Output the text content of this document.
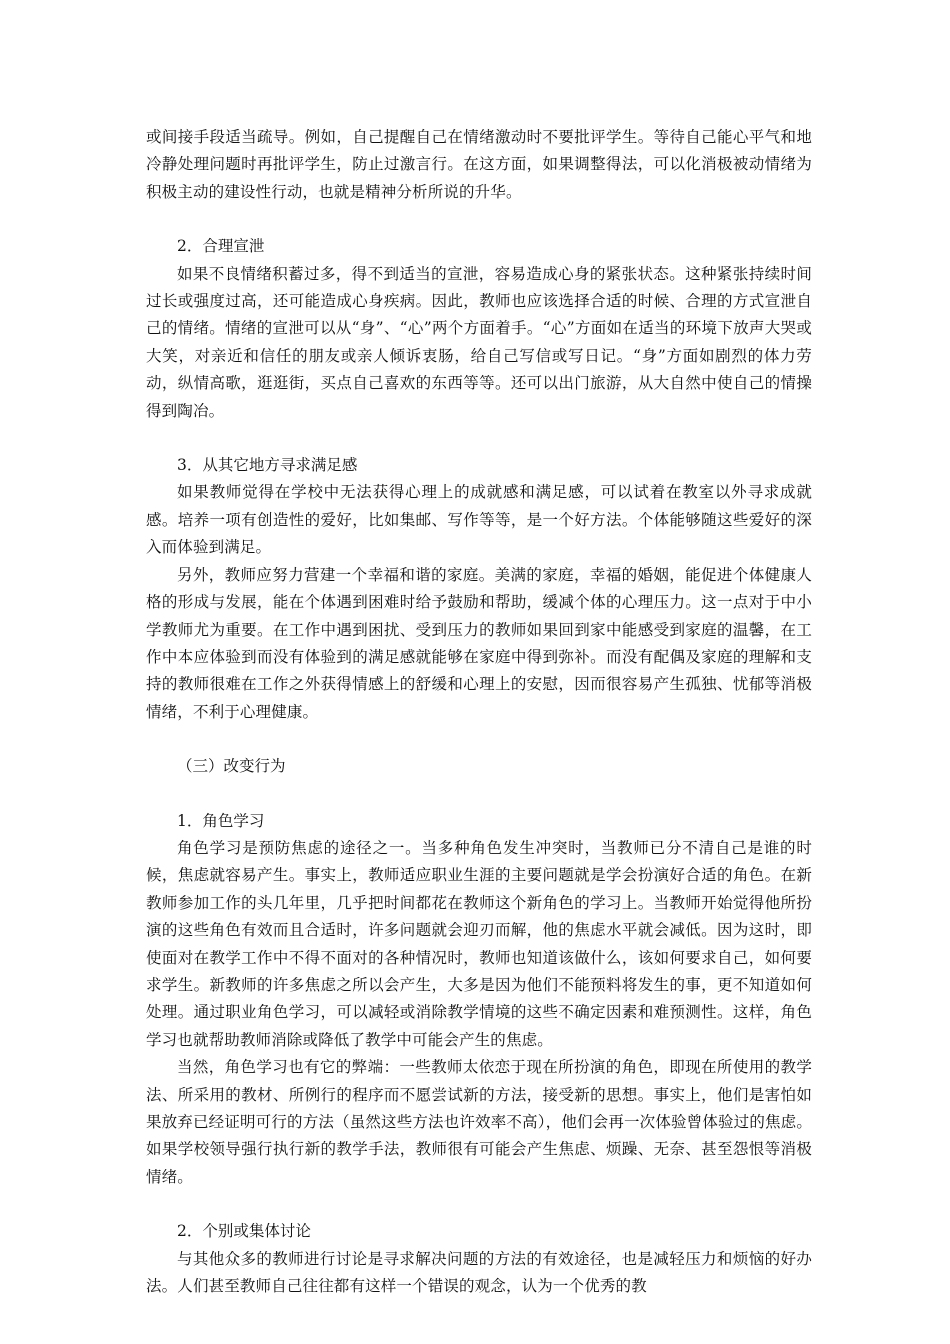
或间接手段适当疏导。例如，自己提醒自己在情绪激动时不要批评学生。等待自己能心平气和地冷静处理问题时再批评学生，防止过激言行。在这方面，如果调整得法，可以化消极被动情绪为积极主动的建设性行动，也就是精神分析所说的升华。

2．合理宣泄

如果不良情绪积蓄过多，得不到适当的宣泄，容易造成心身的紧张状态。这种紧张持续时间过长或强度过高，还可能造成心身疾病。因此，教师也应该选择合适的时候、合理的方式宣泄自己的情绪。情绪的宣泄可以从“身”、“心”两个方面着手。“心”方面如在适当的环境下放声大哭或大笑，对亲近和信任的朋友或亲人倾诉衷肠，给自己写信或写日记。“身”方面如剧烈的体力劳动，纵情高歌，逛逛街，买点自己喜欢的东西等等。还可以出门旅游，从大自然中使自己的情操得到陶冶。

3．从其它地方寻求满足感

如果教师觉得在学校中无法获得心理上的成就感和满足感，可以试着在教室以外寻求成就感。培养一项有创造性的爱好，比如集邮、写作等等，是一个好方法。个体能够随这些爱好的深入而体验到满足。

另外，教师应努力营建一个幸福和谐的家庭。美满的家庭，幸福的婚姻，能促进个体健康人格的形成与发展，能在个体遇到困难时给予鼓励和帮助，缓减个体的心理压力。这一点对于中小学教师尤为重要。在工作中遇到困扰、受到压力的教师如果回到家中能感受到家庭的温馨，在工作中本应体验到而没有体验到的满足感就能够在家庭中得到弥补。而没有配偶及家庭的理解和支持的教师很难在工作之外获得情感上的舒缓和心理上的安慰，因而很容易产生孤独、忧郁等消极情绪，不利于心理健康。

（三）改变行为

1．角色学习

角色学习是预防焦虑的途径之一。当多种角色发生冲突时，当教师已分不清自己是谁的时候，焦虑就容易产生。事实上，教师适应职业生涯的主要问题就是学会扮演好合适的角色。在新教师参加工作的头几年里，几乎把时间都花在教师这个新角色的学习上。当教师开始觉得他所扮演的这些角色有效而且合适时，许多问题就会迎刃而解，他的焦虑水平就会减低。因为这时，即使面对在教学工作中不得不面对的各种情况时，教师也知道该做什么，该如何要求自己，如何要求学生。新教师的许多焦虑之所以会产生，大多是因为他们不能预料将发生的事，更不知道如何处理。通过职业角色学习，可以减轻或消除教学情境的这些不确定因素和难预测性。这样，角色学习也就帮助教师消除或降低了教学中可能会产生的焦虑。

当然，角色学习也有它的弊端：一些教师太依恋于现在所扮演的角色，即现在所使用的教学法、所采用的教材、所例行的程序而不愿尝试新的方法，接受新的思想。事实上，他们是害怕如果放弃已经证明可行的方法（虽然这些方法也许效率不高），他们会再一次体验曾体验过的焦虑。如果学校领导强行执行新的教学手法，教师很有可能会产生焦虑、烦躁、无奈、甚至怨恨等消极情绪。

2．个别或集体讨论

与其他众多的教师进行讨论是寻求解决问题的方法的有效途径，也是减轻压力和烦恼的好办法。人们甚至教师自己往往都有这样一个错误的观念，认为一个优秀的教
